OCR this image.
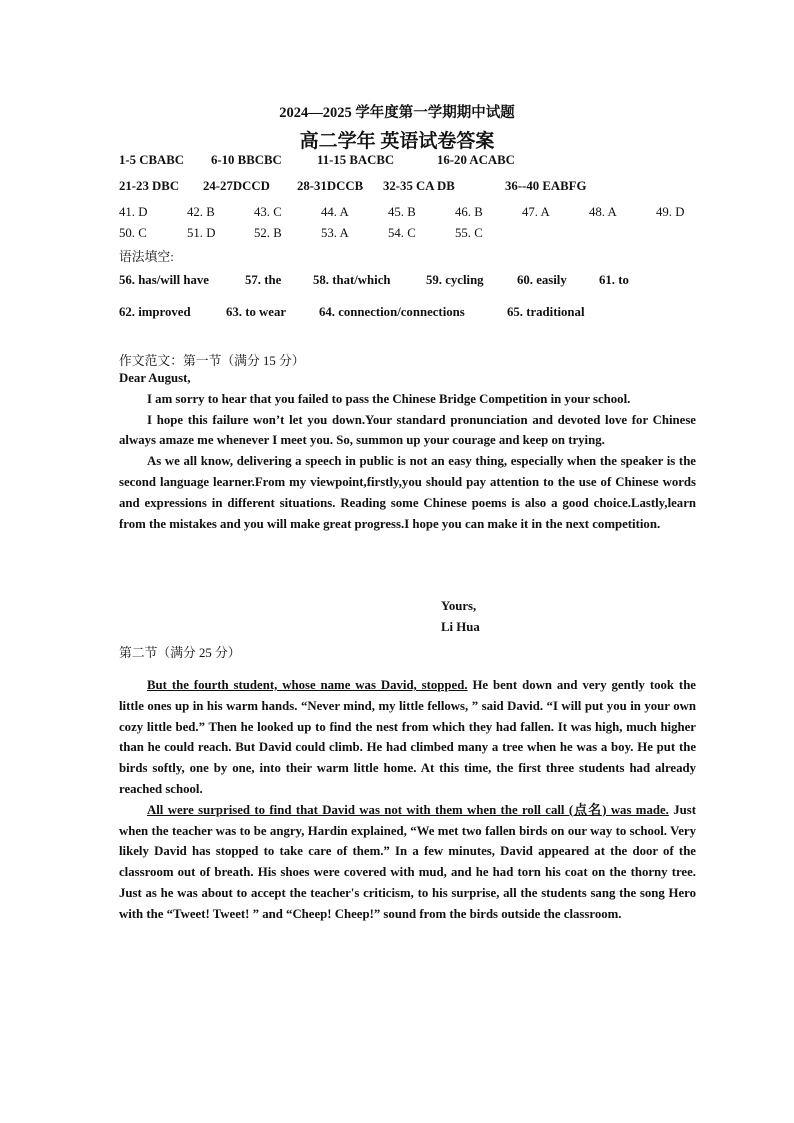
2024—2025 学年度第一学期期中试题
高二学年 英语试卷答案
1-5 CBABC 6-10 BBCBC	11-15 BACBC	16-20 ACABC
21-23 DBC 24-27DCCD 28-31DCCB 32-35 CA DB	36--40 EABFG
41. D	42. B	43. C	44. A	45. B	46. B	47. A	48. A	49. D
50. C	51. D	52. B	53. A	54. C	55. C
语法填空:
56. has/will have	57. the 58. that/which	59. cycling	60. easily	61. to
62. improved	63. to wear	64. connection/connections	65. traditional
作文范文：第一节（满分 15 分）

Dear August,

I am sorry to hear that you failed to pass the Chinese Bridge Competition in your school.

I hope this failure won’t let you down.Your standard pronunciation and devoted love for Chinese always amaze me whenever I meet you. So, summon up your courage and keep on trying.

As we all know, delivering a speech in public is not an easy thing, especially when the speaker is the second language learner.From my viewpoint,firstly,you should pay attention to the use of Chinese words and expressions in different situations. Reading some Chinese poems is also a good choice.Lastly,learn from the mistakes and you will make great progress.I hope you can make it in the next competition.

Yours,
Li Hua
第二节（满分 25 分）

But the fourth student, whose name was David, stopped. He bent down and very gently took the little ones up in his warm hands. “Never mind, my little fellows, ” said David. “I will put you in your own cozy little bed.” Then he looked up to find the nest from which they had fallen. It was high, much higher than he could reach. But David could climb. He had climbed many a tree when he was a boy. He put the birds softly, one by one, into their warm little home. At this time, the first three students had already reached school.

All were surprised to find that David was not with them when the roll call (点名) was made. Just when the teacher was to be angry, Hardin explained, “We met two fallen birds on our way to school. Very likely David has stopped to take care of them.” In a few minutes, David appeared at the door of the classroom out of breath. His shoes were covered with mud, and he had torn his coat on the thorny tree. Just as he was about to accept the teacher's criticism, to his surprise, all the students sang the song Hero with the “Tweet! Tweet! ” and “Cheep! Cheep!” sound from the birds outside the classroom.
